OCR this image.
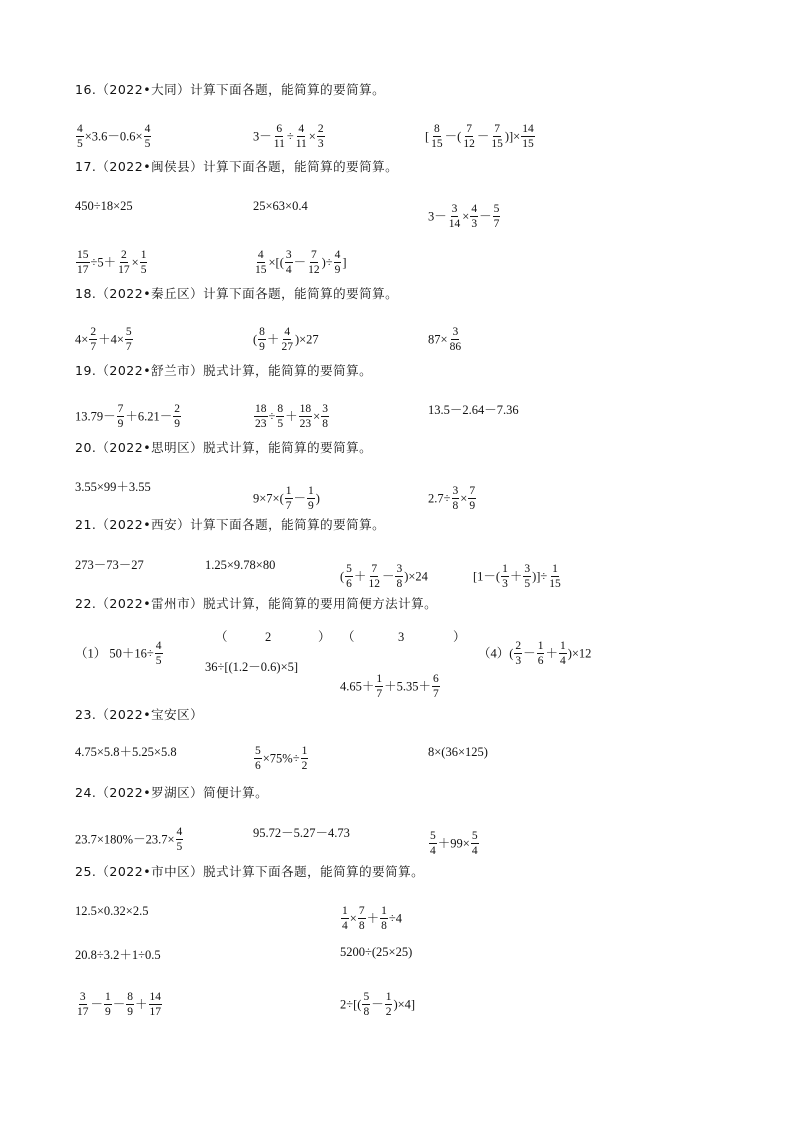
16.（2022•大同）计算下面各题，能简算的要简算。
$\frac{4}{5} \times 3.6-0.6\times \frac{4}{5}$	$3- \frac{6}{11} \div \frac{4}{11} \times \frac{2}{3}$	[ $\frac{8}{15}$ －( $\frac{7}{12} - \frac{7}{15}$ )]× $\frac{14}{15}$
17.（2022•闽侯县）计算下面各题，能简算的要简算。
450÷18×25	25×63×0.4
$3- \frac{3}{14} \times \frac{4}{3} - \frac{5}{7}$
$\frac{15}{17} \div 5+ \frac{2}{17} \times \frac{1}{5}$	$\frac{4}{15}$ ×[( $\frac{3}{4} - \frac{7}{12}$ )÷ $\frac{4}{9}$ ]
18.（2022•秦丘区）计算下面各题，能简算的要简算。
$4\times \frac{2}{7} +4\times \frac{5}{7}$	( $\frac{8}{9} + \frac{4}{27} )\times 27$	$87\times \frac{3}{86}$
19.（2022•舒兰市）脱式计算，能简算的要简算。
$13.79- \frac{7}{9} +6.21- \frac{2}{9}$	$\frac{18}{23} \div \frac{8}{5} + \frac{18}{23} \times \frac{3}{8}$	13.5－2.64－7.36
20.（2022•思明区）脱式计算，能简算的要简算。
3.55×99＋3.55
$9\times 7\times( \frac{1}{7} - \frac{1}{9}$ )	$2.7\div \frac{3}{8} \times \frac{7}{9}$
21.（2022•西安）计算下面各题，能简算的要简算。
273－73－27	1.25×9.78×80
( $\frac{5}{6} + \frac{7}{12} - \frac{3}{8} )\times 24$	[$1-( \frac{1}{3} + \frac{3}{5}$ )]÷ $\frac{1}{15}$
22.（2022•雷州市）脱式计算，能简算的要用简便方法计算。
（1） $50+16\div \frac{4}{5}$
（	2	） （	3	）
$(4)( \frac{2}{3} - \frac{1}{6} + \frac{1}{4} )\times 12$
36÷[(1.2－0.6)×5]
$4.65+ \frac{1}{7} +5.35+ \frac{6}{7}$
23.（2022•宝安区）
4.75×5.8＋5.25×5.8	$\frac{5}{6} \times 75\%\div \frac{1}{2}$	8×(36×125)
24.（2022•罗湖区）简便计算。
$23.7\times 180\%-23.7\times \frac{4}{5}$	95.72－5.27－4.73	$\frac{5}{4} +99\times \frac{5}{4}$
25.（2022•市中区）脱式计算下面各题，能简算的要简算。
12.5×0.32×2.5	$\frac{1}{4} \times \frac{7}{8} + \frac{1}{8} \div 4$
20.8÷3.2＋1÷0.5	5200÷(25×25)
$\frac{3}{17} - \frac{1}{9} - \frac{8}{9} + \frac{14}{17}$	$2\div[( \frac{5}{8} - \frac{1}{2} )\times 4]$
